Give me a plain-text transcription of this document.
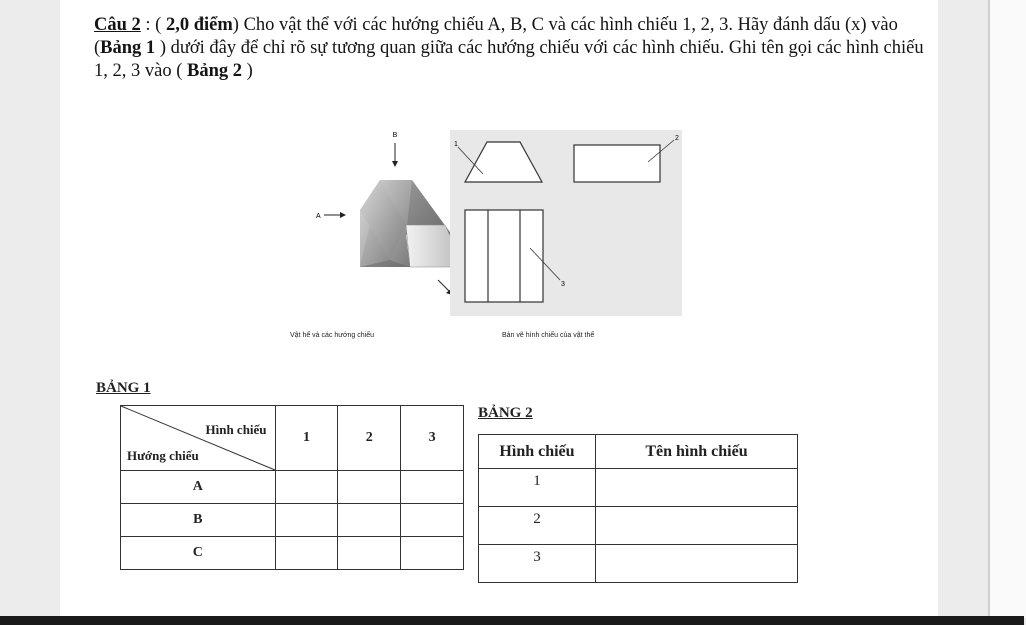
Câu 2 : ( 2,0 điểm) Cho vật thể với các hướng chiếu A, B, C và các hình chiếu 1, 2, 3. Hãy đánh dấu (x) vào (Bảng 1 ) dưới đây để chỉ rõ sự tương quan giữa các hướng chiếu với các hình chiếu. Ghi tên gọi các hình chiếu 1, 2, 3 vào ( Bảng 2 )
B
A
Vật hể và các hướng chiếu
1
2
3
Bản vẽ hình chiếu của vật thể
BẢNG 1
Hình chiếu
Hướng chiếu	1	2	3
A			
B			
C			
BẢNG 2
Hình chiếu	Tên hình chiếu
1	
2	
3	
